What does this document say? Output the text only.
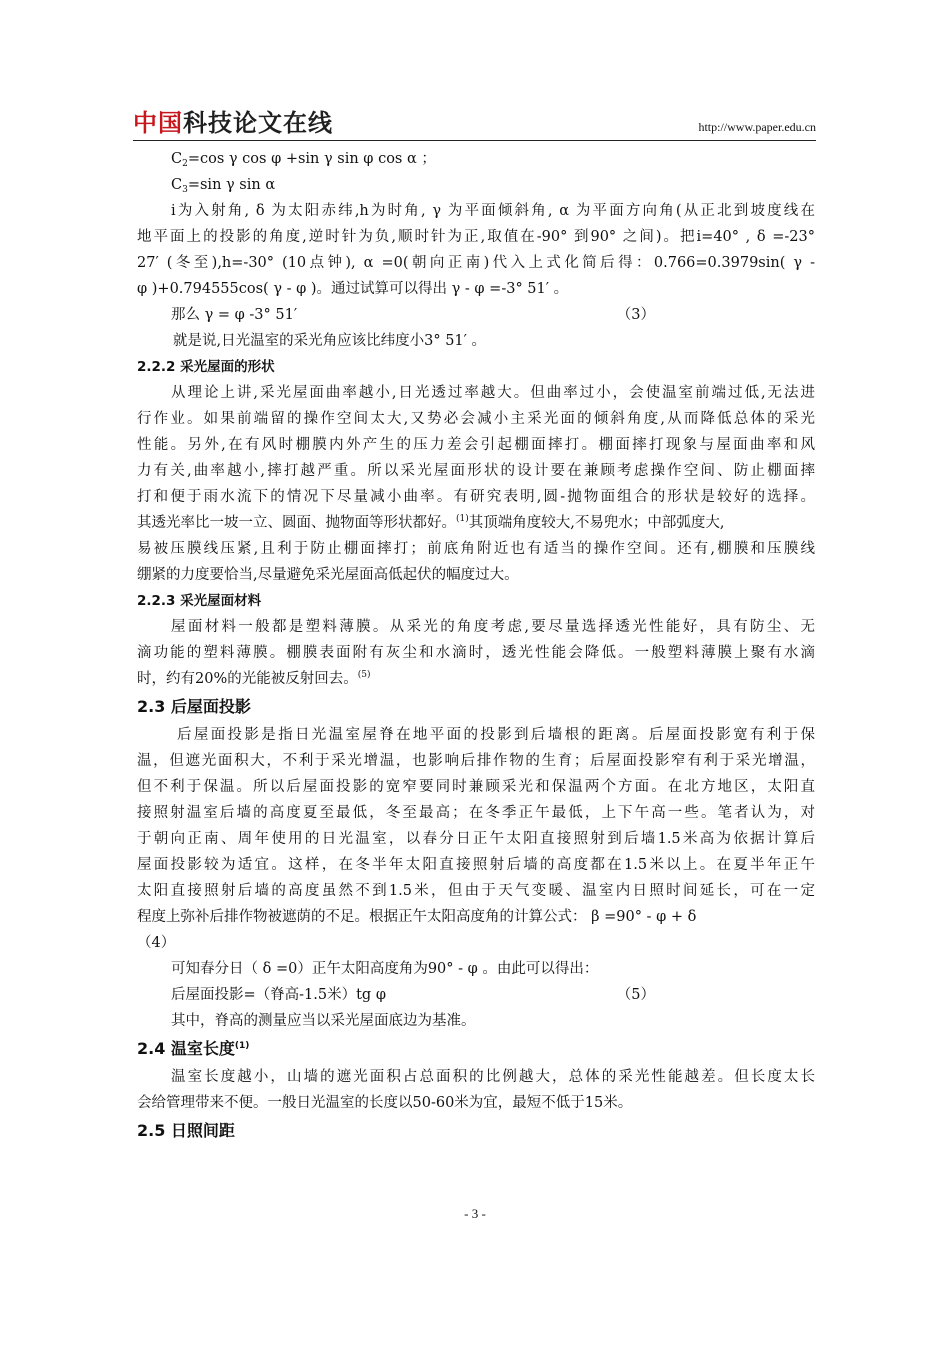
中国科技论文在线	http://www.paper.edu.cn
$C_2=\cos$ γ cos φ +sin γ sin φ cos α ；
$C_3=\sin$ γ sin α
i为入射角, δ 为太阳赤纬,h为时角, γ 为平面倾斜角, α 为平面方向角(从正北到坡度线在
地平面上的投影的角度,逆时针为负,顺时针为正,取值在-90° 到90° 之间)。把i=40° , δ =-23°
27′ (冬至),h=-30° (10点钟), α =0(朝向正南)代入上式化简后得：0.766=0.3979sin( γ -
φ )+0.794555cos( γ - φ )。通过试算可以得出 γ - φ =-3° 51′ 。
那么 γ = φ -3° 51′	（3）
就是说,日光温室的采光角应该比纬度小3° 51′ 。
2.2.2 采光屋面的形状
从理论上讲,采光屋面曲率越小,日光透过率越大。但曲率过小，会使温室前端过低,无法进
行作业。如果前端留的操作空间太大,又势必会减小主采光面的倾斜角度,从而降低总体的采光
性能。另外,在有风时棚膜内外产生的压力差会引起棚面摔打。棚面摔打现象与屋面曲率和风
力有关,曲率越小,摔打越严重。所以采光屋面形状的设计要在兼顾考虑操作空间、防止棚面摔
打和便于雨水流下的情况下尽量减小曲率。有研究表明,圆-抛物面组合的形状是较好的选择。
其透光率比一坡一立、圆面、抛物面等形状都好。$^{(1)}$其顶端角度较大,不易兜水；中部弧度大,
易被压膜线压紧,且利于防止棚面摔打；前底角附近也有适当的操作空间。还有,棚膜和压膜线
绷紧的力度要恰当,尽量避免采光屋面高低起伏的幅度过大。
2.2.3 采光屋面材料
屋面材料一般都是塑料薄膜。从采光的角度考虑,要尽量选择透光性能好，具有防尘、无
滴功能的塑料薄膜。棚膜表面附有灰尘和水滴时，透光性能会降低。一般塑料薄膜上聚有水滴
时，约有20%的光能被反射回去。$^{(5)}$
2.3 后屋面投影
后屋面投影是指日光温室屋脊在地平面的投影到后墙根的距离。后屋面投影宽有利于保
温，但遮光面积大，不利于采光增温，也影响后排作物的生育；后屋面投影窄有利于采光增温，
但不利于保温。所以后屋面投影的宽窄要同时兼顾采光和保温两个方面。在北方地区，太阳直
接照射温室后墙的高度夏至最低，冬至最高；在冬季正午最低，上下午高一些。笔者认为，对
于朝向正南、周年使用的日光温室，以春分日正午太阳直接照射到后墙1.5米高为依据计算后
屋面投影较为适宜。这样，在冬半年太阳直接照射后墙的高度都在1.5米以上。在夏半年正午
太阳直接照射后墙的高度虽然不到1.5米，但由于天气变暖、温室内日照时间延长，可在一定
程度上弥补后排作物被遮荫的不足。根据正午太阳高度角的计算公式： β =90° - φ + δ
（4）
可知春分日（ δ =0）正午太阳高度角为90° - φ 。由此可以得出：
后屋面投影=（脊高-1.5米）tg φ	（5）
其中，脊高的测量应当以采光屋面底边为基准。
2.4 温室长度$^{(1)}$
温室长度越小，山墙的遮光面积占总面积的比例越大，总体的采光性能越差。但长度太长
会给管理带来不便。一般日光温室的长度以50-60米为宜，最短不低于15米。
2.5 日照间距
- 3 -
